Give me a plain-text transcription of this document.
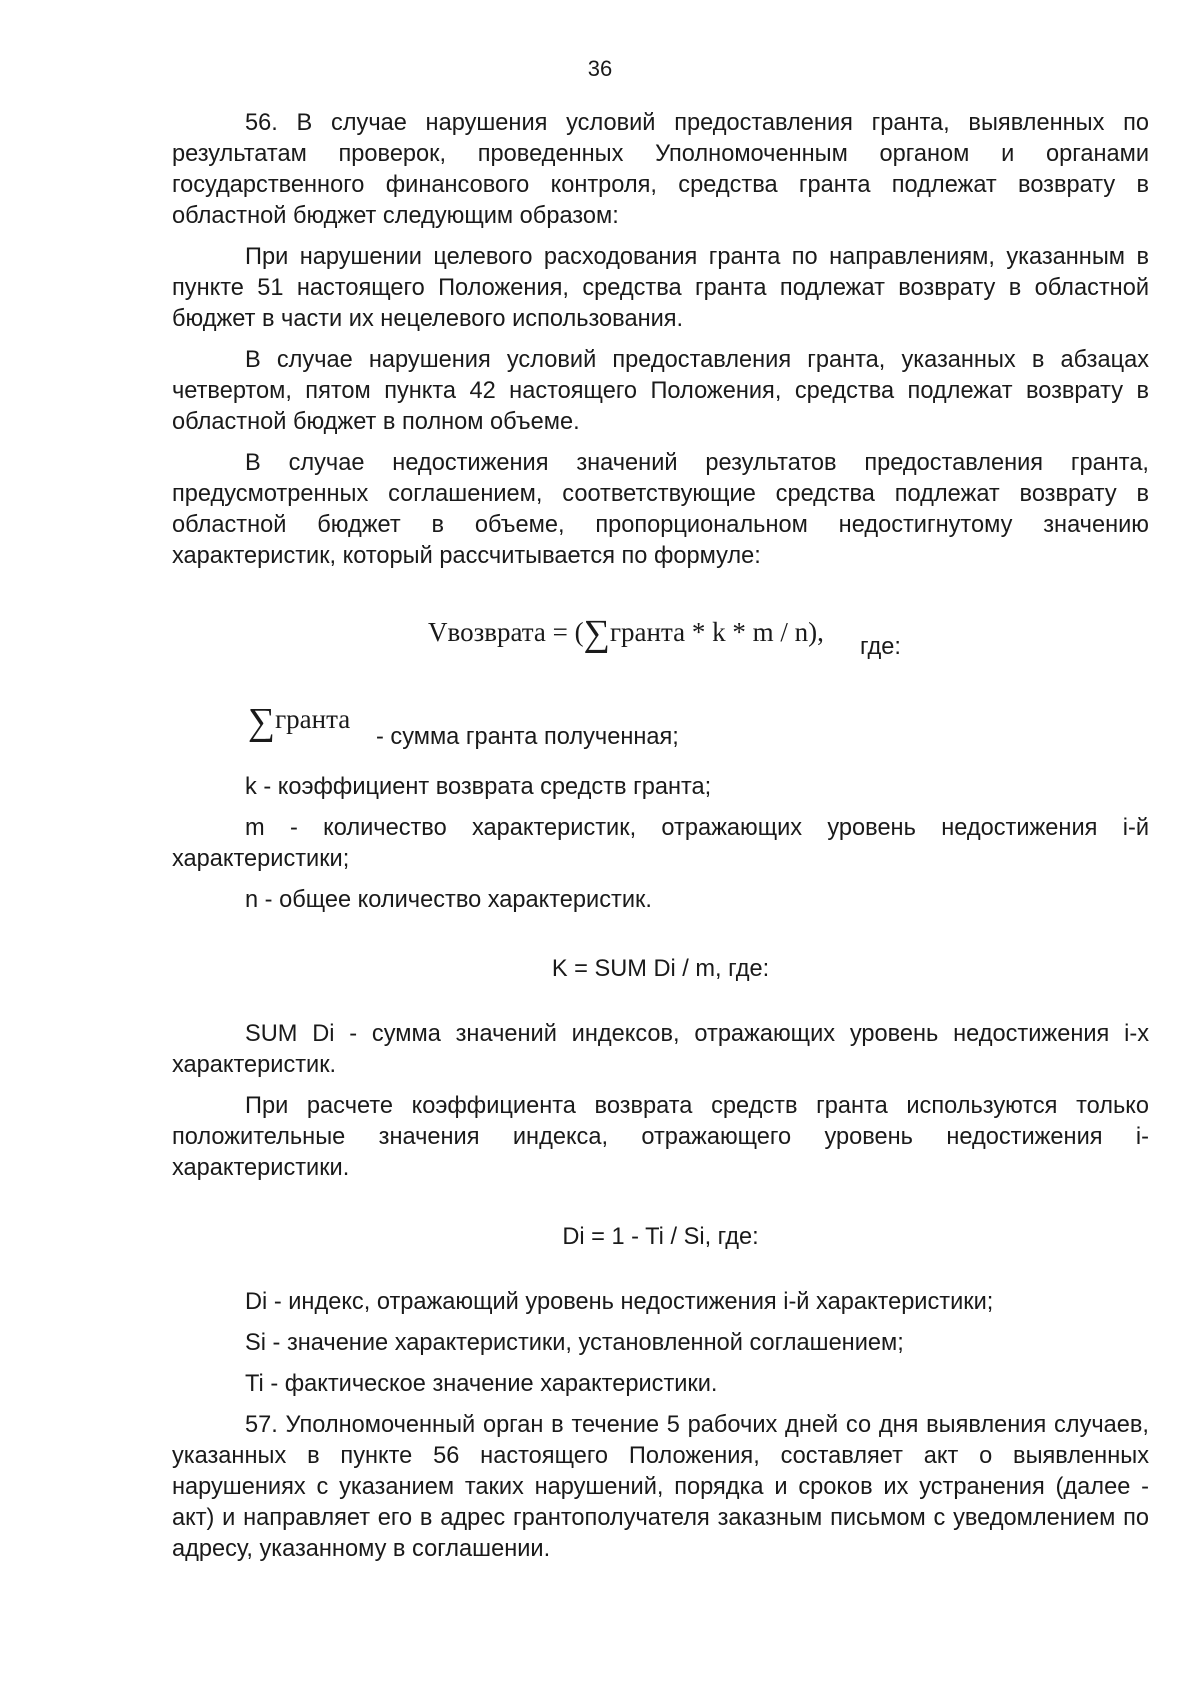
36

56. В случае нарушения условий предоставления гранта, выявленных по результатам проверок, проведенных Уполномоченным органом и органами государственного финансового контроля, средства гранта подлежат возврату в областной бюджет следующим образом:

При нарушении целевого расходования гранта по направлениям, указанным в пункте 51 настоящего Положения, средства гранта подлежат возврату в областной бюджет в части их нецелевого использования.

В случае нарушения условий предоставления гранта, указанных в абзацах четвертом, пятом пункта 42 настоящего Положения, средства подлежат возврату в областной бюджет в полном объеме.

В случае недостижения значений результатов предоставления гранта, предусмотренных соглашением, соответствующие средства подлежат возврату в областной бюджет в объеме, пропорциональном недостигнутому значению характеристик, который рассчитывается по формуле:

Vвозврата = (∑гранта * k * m / n), где:
∑гранта
- сумма гранта полученная;

k - коэффициент возврата средств гранта;

m - количество характеристик, отражающих уровень недостижения i-й характеристики;

n - общее количество характеристик.

K = SUM Di / m, где:

SUM Di - сумма значений индексов, отражающих уровень недостижения i-х характеристик.

При расчете коэффициента возврата средств гранта используются только положительные значения индекса, отражающего уровень недостижения i-характеристики.

Di = 1 - Ti / Si, где:

Di - индекс, отражающий уровень недостижения i-й характеристики;

Si - значение характеристики, установленной соглашением;

Ti - фактическое значение характеристики.

57. Уполномоченный орган в течение 5 рабочих дней со дня выявления случаев, указанных в пункте 56 настоящего Положения, составляет акт о выявленных нарушениях с указанием таких нарушений, порядка и сроков их устранения (далее - акт) и направляет его в адрес грантополучателя заказным письмом с уведомлением по адресу, указанному в соглашении.
